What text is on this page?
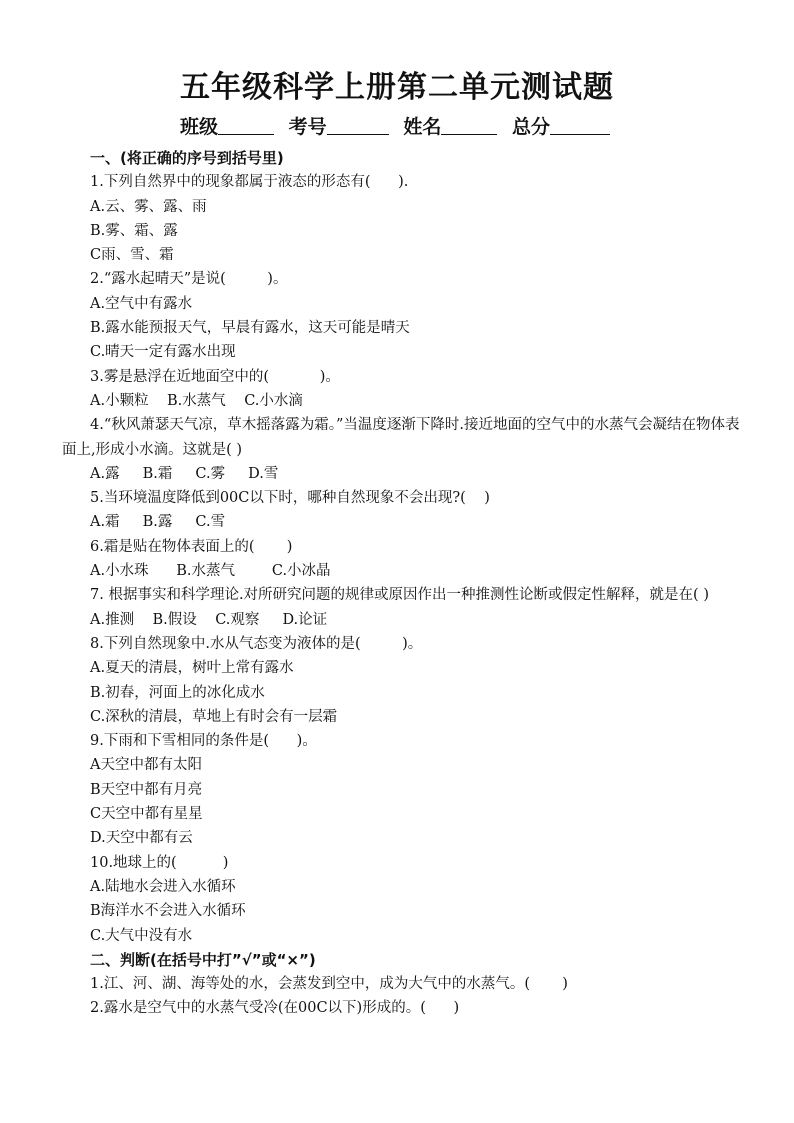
五年级科学上册第二单元测试题
班级	考号	姓名	总分
一、(将正确的序号到括号里)
1.下列自然界中的现象都属于液态的形态有(      ).
A.云、雾、露、雨
B.雾、霜、露
C雨、雪、霜
2.“露水起晴天”是说(         )。
A.空气中有露水
B.露水能预报天气，早晨有露水，这天可能是晴天
C.晴天一定有露水出现
3.雾是悬浮在近地面空中的(           )。
A.小颗粒    B.水蒸气    C.小水滴
4.“秋风萧瑟天气凉，草木摇落露为霜。”当温度逐渐下降时.接近地面的空气中的水蒸气会凝结在物体表面上,形成小水滴。这就是( )
A.露     B.霜     C.雾     D.雪
5.当环境温度降低到00C以下时，哪种自然现象不会出现?(    )
A.霜     B.露     C.雪
6.霜是贴在物体表面上的(       )
A.小水珠      B.水蒸气        C.小冰晶
7. 根据事实和科学理论.对所研究问题的规律或原因作出一种推测性论断或假定性解释，就是在( )
A.推测    B.假设    C.观察     D.论证
8.下列自然现象中.水从气态变为液体的是(         )。
A.夏天的清晨，树叶上常有露水
B.初春，河面上的冰化成水
C.深秋的清晨，草地上有时会有一层霜
9.下雨和下雪相同的条件是(      )。
A天空中都有太阳
B天空中都有月亮
C天空中都有星星
D.天空中都有云
10.地球上的(          )
A.陆地水会进入水循环
B海洋水不会进入水循环
C.大气中没有水
二、判断(在括号中打”√”或“×”)
1.江、河、湖、海等处的水，会蒸发到空中，成为大气中的水蒸气。(       )
2.露水是空气中的水蒸气受冷(在00C以下)形成的。(      )
